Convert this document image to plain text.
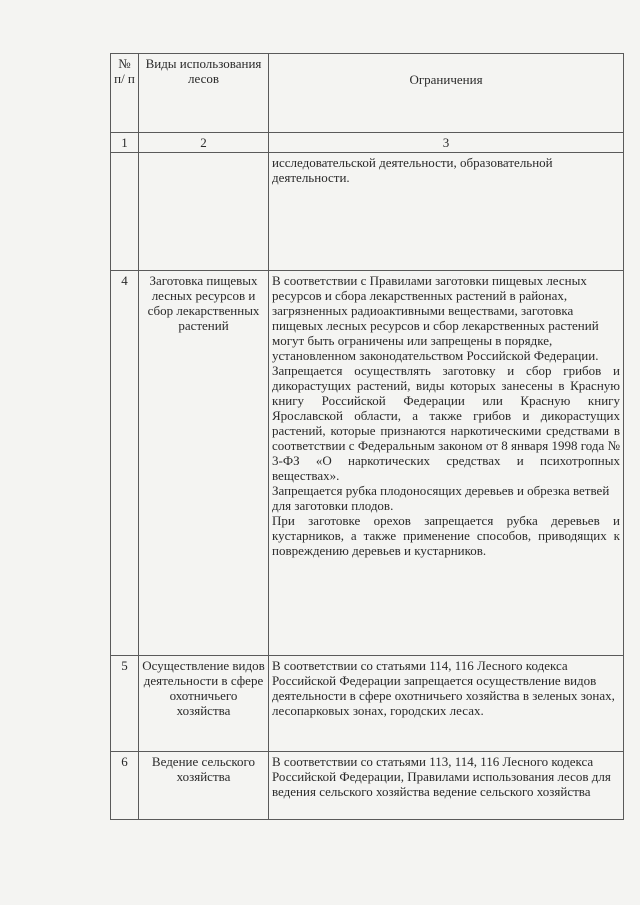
№ п/ п	Виды использования лесов	Ограничения
1	2	3

		исследовательской деятельности, образовательной деятельности.

4	Заготовка пищевых лесных ресурсов и сбор лекарственных растений	В соответствии с Правилами заготовки пищевых лесных ресурсов и сбора лекарственных растений в районах, загрязненных радиоактивными веществами, заготовка пищевых лесных ресурсов и сбор лекарственных растений могут быть ограничены или запрещены в порядке, установленном законодательством Российской Федерации.
Запрещается осуществлять заготовку и сбор грибов и дикорастущих растений, виды которых занесены в Красную книгу Российской Федерации или Красную книгу Ярославской области, а также грибов и дикорастущих растений, которые признаются наркотическими средствами в соответствии с Федеральным законом от 8 января 1998 года № 3-ФЗ «О наркотических средствах и психотропных веществах».
Запрещается рубка плодоносящих деревьев и обрезка ветвей для заготовки плодов.
При заготовке орехов запрещается рубка деревьев и кустарников, а также применение способов, приводящих к повреждению деревьев и кустарников.

5	Осуществление видов деятельности в сфере охотничьего хозяйства	В соответствии со статьями 114, 116 Лесного кодекса Российской Федерации запрещается осуществление видов деятельности в сфере охотничьего хозяйства в зеленых зонах, лесопарковых зонах, городских лесах.

6	Ведение сельского хозяйства	В соответствии со статьями 113, 114, 116 Лесного кодекса Российской Федерации, Правилами использования лесов для ведения сельского хозяйства ведение сельского хозяйства
